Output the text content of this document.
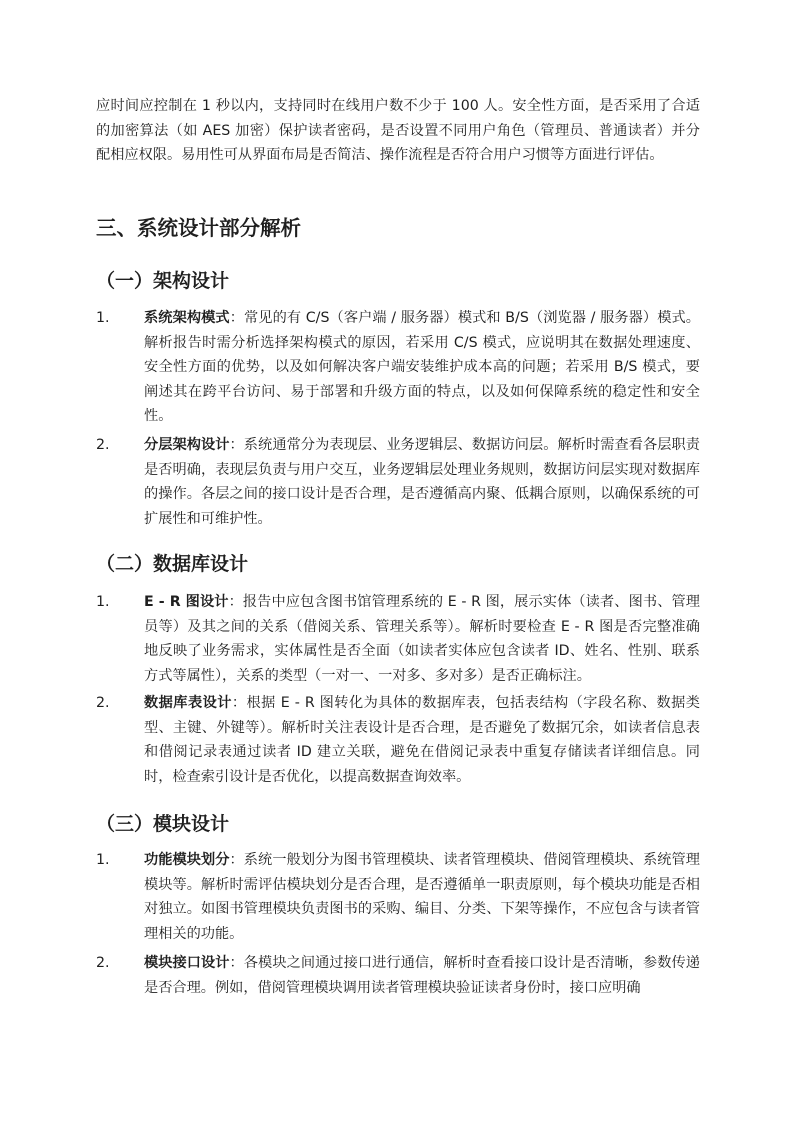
应时间应控制在 1 秒以内，支持同时在线用户数不少于 100 人。安全性方面，是否采用了合适的加密算法（如 AES 加密）保护读者密码，是否设置不同用户角色（管理员、普通读者）并分配相应权限。易用性可从界面布局是否简洁、操作流程是否符合用户习惯等方面进行评估。

三、系统设计部分解析
（一）架构设计
1. 系统架构模式：常见的有 C/S（客户端 / 服务器）模式和 B/S（浏览器 / 服务器）模式。解析报告时需分析选择架构模式的原因，若采用 C/S 模式，应说明其在数据处理速度、安全性方面的优势，以及如何解决客户端安装维护成本高的问题；若采用 B/S 模式，要阐述其在跨平台访问、易于部署和升级方面的特点，以及如何保障系统的稳定性和安全性。

2. 分层架构设计：系统通常分为表现层、业务逻辑层、数据访问层。解析时需查看各层职责是否明确，表现层负责与用户交互，业务逻辑层处理业务规则，数据访问层实现对数据库的操作。各层之间的接口设计是否合理，是否遵循高内聚、低耦合原则，以确保系统的可扩展性和可维护性。

（二）数据库设计
1. E - R 图设计：报告中应包含图书馆管理系统的 E - R 图，展示实体（读者、图书、管理员等）及其之间的关系（借阅关系、管理关系等）。解析时要检查 E - R 图是否完整准确地反映了业务需求，实体属性是否全面（如读者实体应包含读者 ID、姓名、性别、联系方式等属性），关系的类型（一对一、一对多、多对多）是否正确标注。

2. 数据库表设计：根据 E - R 图转化为具体的数据库表，包括表结构（字段名称、数据类型、主键、外键等）。解析时关注表设计是否合理，是否避免了数据冗余，如读者信息表和借阅记录表通过读者 ID 建立关联，避免在借阅记录表中重复存储读者详细信息。同时，检查索引设计是否优化，以提高数据查询效率。

（三）模块设计
1. 功能模块划分：系统一般划分为图书管理模块、读者管理模块、借阅管理模块、系统管理模块等。解析时需评估模块划分是否合理，是否遵循单一职责原则，每个模块功能是否相对独立。如图书管理模块负责图书的采购、编目、分类、下架等操作，不应包含与读者管理相关的功能。

2. 模块接口设计：各模块之间通过接口进行通信，解析时查看接口设计是否清晰，参数传递是否合理。例如，借阅管理模块调用读者管理模块验证读者身份时，接口应明确
